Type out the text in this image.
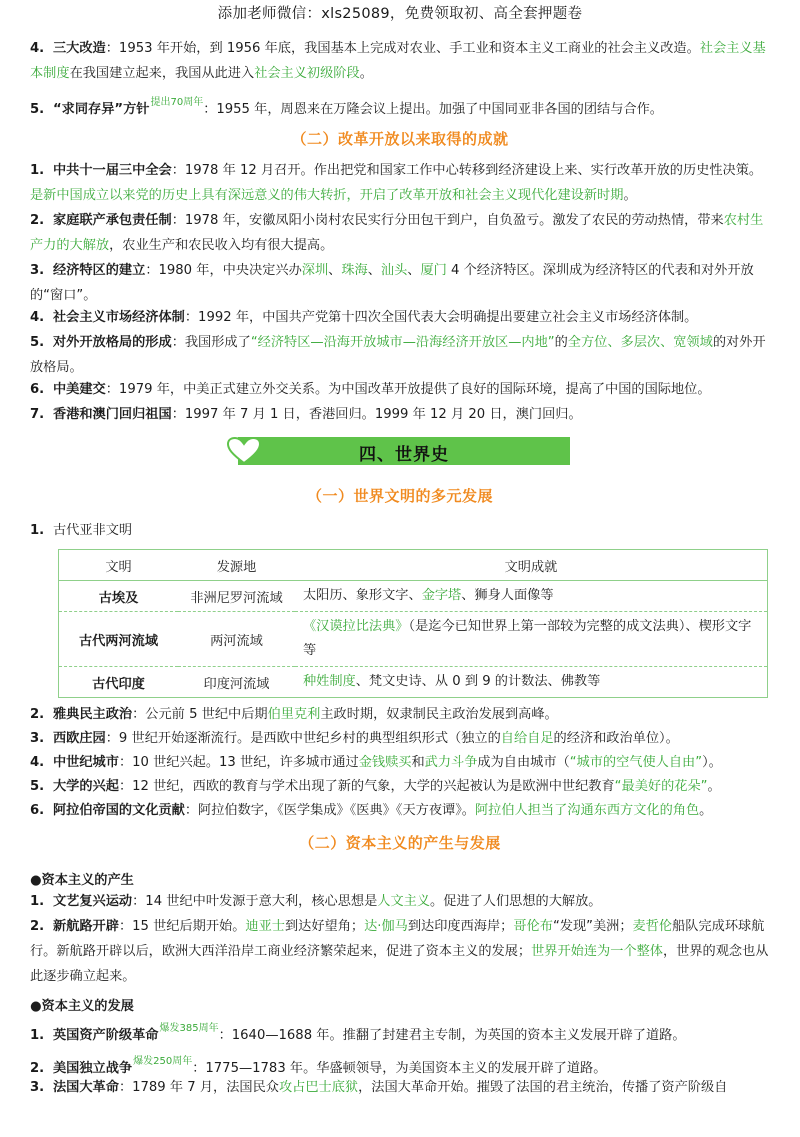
添加老师微信：xls25089，免费领取初、高全套押题卷
4. 三大改造：1953 年开始，到 1956 年底，我国基本上完成对农业、手工业和资本主义工商业的社会主义改造。社会主义基本制度在我国建立起来，我国从此进入社会主义初级阶段。
5. “求同存异”方针$^{提出70周年}$：1955 年，周恩来在万隆会议上提出。加强了中国同亚非各国的团结与合作。
（二）改革开放以来取得的成就
1. 中共十一届三中全会：1978 年 12 月召开。作出把党和国家工作中心转移到经济建设上来、实行改革开放的历史性决策。是新中国成立以来党的历史上具有深远意义的伟大转折，开启了改革开放和社会主义现代化建设新时期。
2. 家庭联产承包责任制：1978 年，安徽凤阳小岗村农民实行分田包干到户，自负盈亏。激发了农民的劳动热情，带来农村生产力的大解放，农业生产和农民收入均有很大提高。
3. 经济特区的建立：1980 年，中央决定兴办深圳、珠海、汕头、厦门 4 个经济特区。深圳成为经济特区的代表和对外开放的“窗口”。
4. 社会主义市场经济体制：1992 年，中国共产党第十四次全国代表大会明确提出要建立社会主义市场经济体制。
5. 对外开放格局的形成：我国形成了“经济特区—沿海开放城市—沿海经济开放区—内地”的全方位、多层次、宽领域的对外开放格局。
6. 中美建交：1979 年，中美正式建立外交关系。为中国改革开放提供了良好的国际环境，提高了中国的国际地位。
7. 香港和澳门回归祖国：1997 年 7 月 1 日，香港回归。1999 年 12 月 20 日，澳门回归。
四、世界史
（一）世界文明的多元发展
1. 古代亚非文明
文明	发源地	文明成就
古埃及	非洲尼罗河流域	太阳历、象形文字、金字塔、狮身人面像等
古代两河流域	两河流域	《汉谟拉比法典》（是迄今已知世界上第一部较为完整的成文法典）、楔形文字等
古代印度	印度河流域	种姓制度、梵文史诗、从 0 到 9 的计数法、佛教等
2. 雅典民主政治：公元前 5 世纪中后期伯里克利主政时期，奴隶制民主政治发展到高峰。
3. 西欧庄园：9 世纪开始逐渐流行。是西欧中世纪乡村的典型组织形式（独立的自给自足的经济和政治单位）。
4. 中世纪城市：10 世纪兴起。13 世纪，许多城市通过金钱赎买和武力斗争成为自由城市（“城市的空气使人自由”）。
5. 大学的兴起：12 世纪，西欧的教育与学术出现了新的气象，大学的兴起被认为是欧洲中世纪教育“最美好的花朵”。
6. 阿拉伯帝国的文化贡献：阿拉伯数字，《医学集成》《医典》《天方夜谭》。阿拉伯人担当了沟通东西方文化的角色。
（二）资本主义的产生与发展
●资本主义的产生
1. 文艺复兴运动：14 世纪中叶发源于意大利，核心思想是人文主义。促进了人们思想的大解放。
2. 新航路开辟：15 世纪后期开始。迪亚士到达好望角；达·伽马到达印度西海岸；哥伦布“发现”美洲；麦哲伦船队完成环球航行。新航路开辟以后，欧洲大西洋沿岸工商业经济繁荣起来，促进了资本主义的发展；世界开始连为一个整体，世界的观念也从此逐步确立起来。
●资本主义的发展
1. 英国资产阶级革命$^{爆发385周年}$：1640—1688 年。推翻了封建君主专制，为英国的资本主义发展开辟了道路。
2. 美国独立战争$^{爆发250周年}$：1775—1783 年。华盛顿领导，为美国资本主义的发展开辟了道路。
3. 法国大革命：1789 年 7 月，法国民众攻占巴士底狱，法国大革命开始。摧毁了法国的君主统治，传播了资产阶级自
